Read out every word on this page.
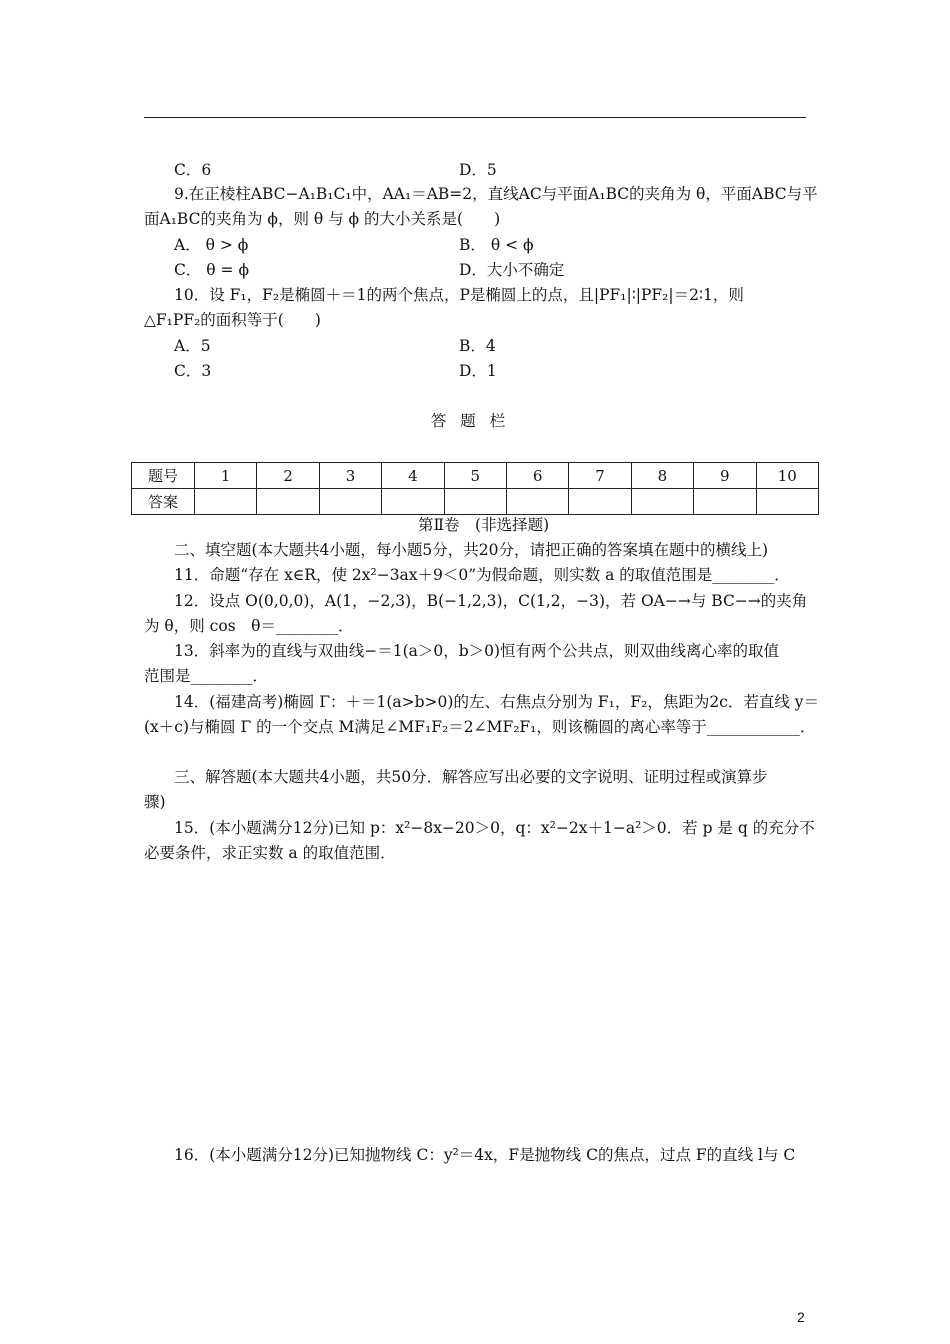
C．6	D．5
9.在正棱柱ABC−A₁B₁C₁中，AA₁＝AB=2，直线AC与平面A₁BC的夹角为 θ，平面ABC与平
面A₁BC的夹角为 ϕ，则 θ 与 ϕ 的大小关系是(　　)
A． θ > ϕ	B． θ < ϕ
C． θ = ϕ	D．大小不确定
10．设 F₁，F₂是椭圆＋＝1的两个焦点，P是椭圆上的点，且|PF₁|∶|PF₂|＝2∶1，则
△F₁PF₂的面积等于(　　)
A．5	B．4
C．3	D．1
答题栏
题号	1	2	3	4	5	6	7	8	9	10
答案										
第Ⅱ卷　(非选择题)
二、填空题(本大题共4小题，每小题5分，共20分，请把正确的答案填在题中的横线上)
11．命题“存在 x∈R，使 2x²−3ax＋9＜0”为假命题，则实数 a 的取值范围是________．
12．设点 O(0,0,0)，A(1，−2,3)，B(−1,2,3)，C(1,2，−3)，若 OA−→与 BC−→的夹角
为 θ，则 cos　θ＝________．
13．斜率为的直线与双曲线−＝1(a＞0，b＞0)恒有两个公共点，则双曲线离心率的取值
范围是________．
14．(福建高考)椭圆 Γ：＋＝1(a>b>0)的左、右焦点分别为 F₁，F₂，焦距为2c．若直线 y＝
(x＋c)与椭圆 Γ 的一个交点 M满足∠MF₁F₂＝2∠MF₂F₁，则该椭圆的离心率等于____________．
三、解答题(本大题共4小题，共50分．解答应写出必要的文字说明、证明过程或演算步
骤)
15．(本小题满分12分)已知 p：x²−8x−20＞0，q：x²−2x＋1−a²＞0．若 p 是 q 的充分不
必要条件，求正实数 a 的取值范围．
16．(本小题满分12分)已知抛物线 C：y²＝4x，F是抛物线 C的焦点，过点 F的直线 l与 C
2
